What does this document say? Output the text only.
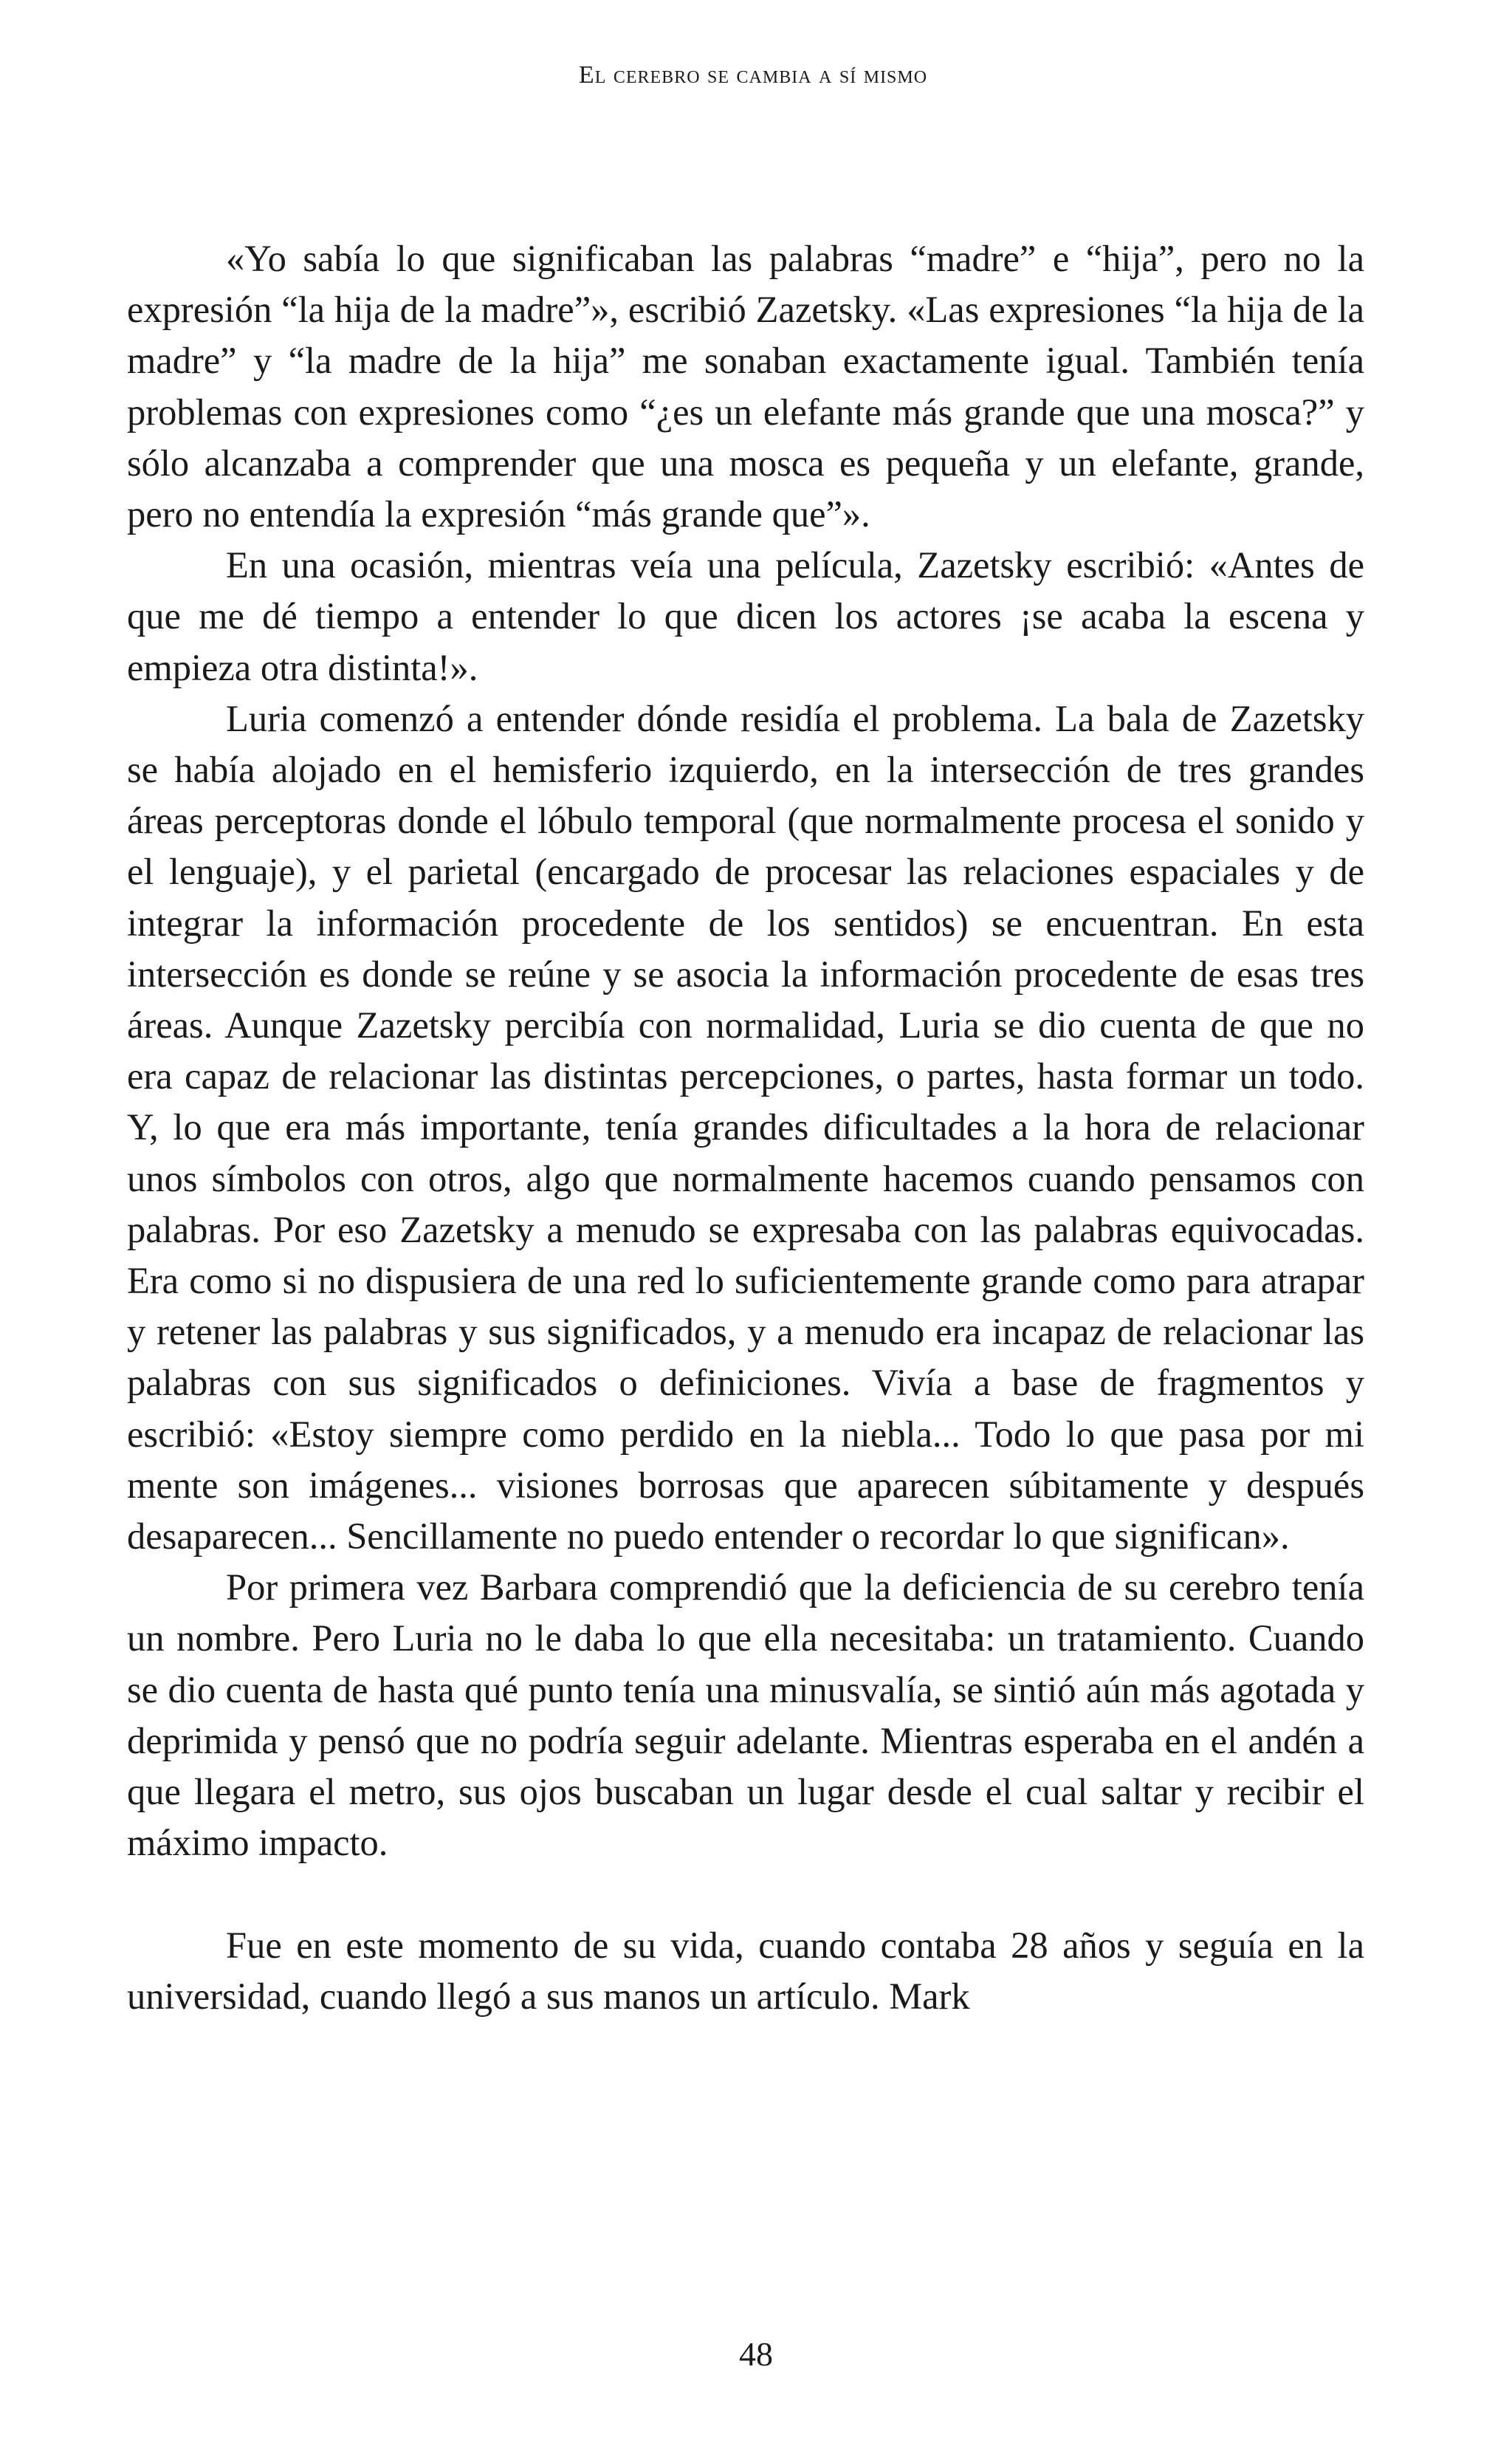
El cerebro se cambia a sí mismo

«Yo sabía lo que significaban las palabras “madre” e “hija”, pero no la expresión “la hija de la madre”», escribió Zazetsky. «Las expresiones “la hija de la madre” y “la madre de la hija” me sonaban exactamente igual. También tenía problemas con expresiones como “¿es un elefante más grande que una mosca?” y sólo alcanzaba a comprender que una mosca es pequeña y un elefante, grande, pero no entendía la expresión “más grande que”».

En una ocasión, mientras veía una película, Zazetsky escribió: «Antes de que me dé tiempo a entender lo que dicen los actores ¡se acaba la escena y empieza otra distinta!».

Luria comenzó a entender dónde residía el problema. La bala de Zazetsky se había alojado en el hemisferio izquierdo, en la intersección de tres grandes áreas perceptoras donde el lóbulo temporal (que normalmente procesa el sonido y el lenguaje), y el parietal (encargado de procesar las relaciones espaciales y de integrar la información procedente de los sentidos) se encuentran. En esta intersección es donde se reúne y se asocia la información procedente de esas tres áreas. Aunque Zazetsky percibía con normalidad, Luria se dio cuenta de que no era capaz de relacionar las distintas percepciones, o partes, hasta formar un todo. Y, lo que era más importante, tenía grandes dificultades a la hora de relacionar unos símbolos con otros, algo que normalmente hacemos cuando pensamos con palabras. Por eso Zazetsky a menudo se expresaba con las palabras equivocadas. Era como si no dispusiera de una red lo suficientemente grande como para atrapar y retener las palabras y sus significados, y a menudo era incapaz de relacionar las palabras con sus significados o definiciones. Vivía a base de fragmentos y escribió: «Estoy siempre como perdido en la niebla... Todo lo que pasa por mi mente son imágenes... visiones borrosas que aparecen súbitamente y después desaparecen... Sencillamente no puedo entender o recordar lo que significan».

Por primera vez Barbara comprendió que la deficiencia de su cerebro tenía un nombre. Pero Luria no le daba lo que ella necesitaba: un tratamiento. Cuando se dio cuenta de hasta qué punto tenía una minusvalía, se sintió aún más agotada y deprimida y pensó que no podría seguir adelante. Mientras esperaba en el andén a que llegara el metro, sus ojos buscaban un lugar desde el cual saltar y recibir el máximo impacto.

Fue en este momento de su vida, cuando contaba 28 años y seguía en la universidad, cuando llegó a sus manos un artículo. Mark

48
